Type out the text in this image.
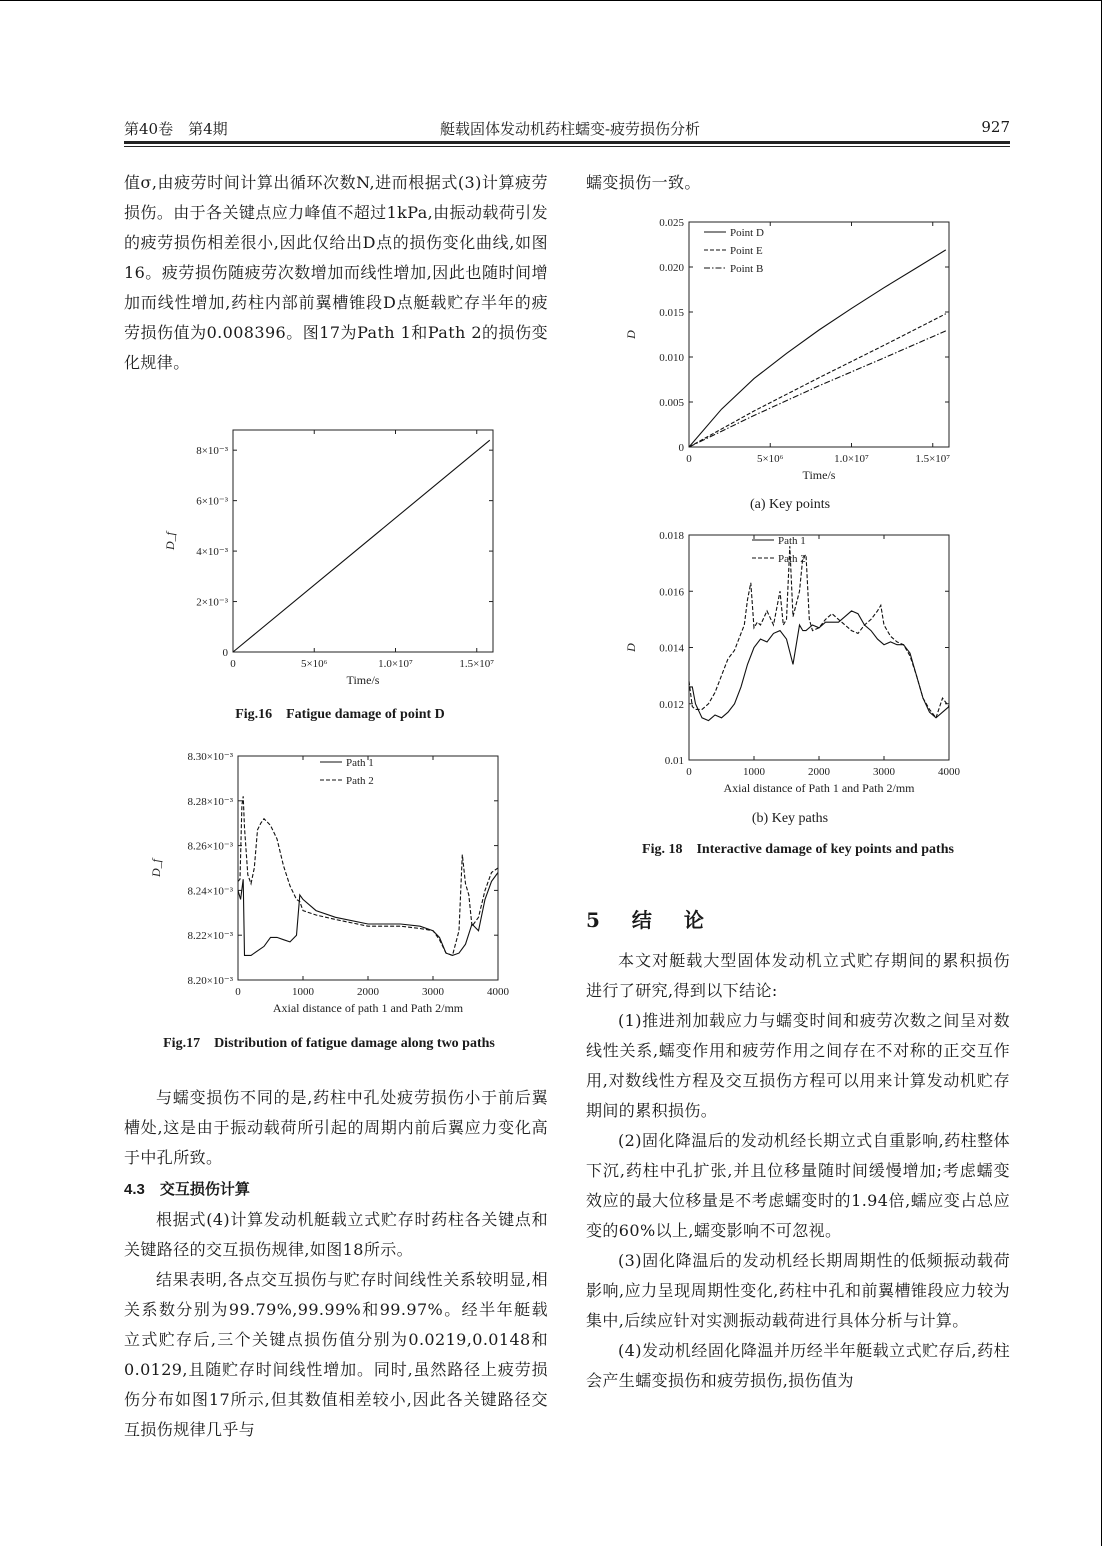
第40卷　第4期	艇载固体发动机药柱蠕变-疲劳损伤分析	927

值σ,由疲劳时间计算出循环次数N,进而根据式(3)计算疲劳损伤。由于各关键点应力峰值不超过1kPa,由振动载荷引发的疲劳损伤相差很小,因此仅给出D点的损伤变化曲线,如图16。疲劳损伤随疲劳次数增加而线性增加,因此也随时间增加而线性增加,药柱内部前翼槽锥段D点艇载贮存半年的疲劳损伤值为0.008396。图17为Path 1和Path 2的损伤变化规律。

0	5×10⁶	1.0×10⁷	1.5×10⁷
0
2×10⁻³
4×10⁻³
6×10⁻³
8×10⁻³
Time/s
D_f
Fig.16　Fatigue damage of point D
0	1000	2000	3000	4000
8.20×10⁻³
8.22×10⁻³
8.24×10⁻³
8.26×10⁻³
8.28×10⁻³
8.30×10⁻³
Axial distance of path 1 and Path 2/mm
D_f
Path 1
Path 2
Fig.17　Distribution of fatigue damage along two paths

与蠕变损伤不同的是,药柱中孔处疲劳损伤小于前后翼槽处,这是由于振动载荷所引起的周期内前后翼应力变化高于中孔所致。

4.3　交互损伤计算

根据式(4)计算发动机艇载立式贮存时药柱各关键点和关键路径的交互损伤规律,如图18所示。

结果表明,各点交互损伤与贮存时间线性关系较明显,相关系数分别为99.79%,99.99%和99.97%。经半年艇载立式贮存后,三个关键点损伤值分别为0.0219,0.0148和0.0129,且随贮存时间线性增加。同时,虽然路径上疲劳损伤分布如图17所示,但其数值相差较小,因此各关键路径交互损伤规律几乎与

蠕变损伤一致。

0	5×10⁶	1.0×10⁷	1.5×10⁷
0
0.005
0.010
0.015
0.020
0.025
Time/s
D
Point D
Point E
Point B
(a) Key points
0	1000	2000	3000	4000
0.01
0.012
0.014
0.016
0.018
Axial distance of Path 1 and Path 2/mm
D
Path 1
Path 2
(b) Key paths
Fig. 18　Interactive damage of key points and paths
5　结　论

本文对艇载大型固体发动机立式贮存期间的累积损伤进行了研究,得到以下结论:

(1)推进剂加载应力与蠕变时间和疲劳次数之间呈对数线性关系,蠕变作用和疲劳作用之间存在不对称的正交互作用,对数线性方程及交互损伤方程可以用来计算发动机贮存期间的累积损伤。

(2)固化降温后的发动机经长期立式自重影响,药柱整体下沉,药柱中孔扩张,并且位移量随时间缓慢增加;考虑蠕变效应的最大位移量是不考虑蠕变时的1.94倍,蠕应变占总应变的60%以上,蠕变影响不可忽视。

(3)固化降温后的发动机经长期周期性的低频振动载荷影响,应力呈现周期性变化,药柱中孔和前翼槽锥段应力较为集中,后续应针对实测振动载荷进行具体分析与计算。

(4)发动机经固化降温并历经半年艇载立式贮存后,药柱会产生蠕变损伤和疲劳损伤,损伤值为
